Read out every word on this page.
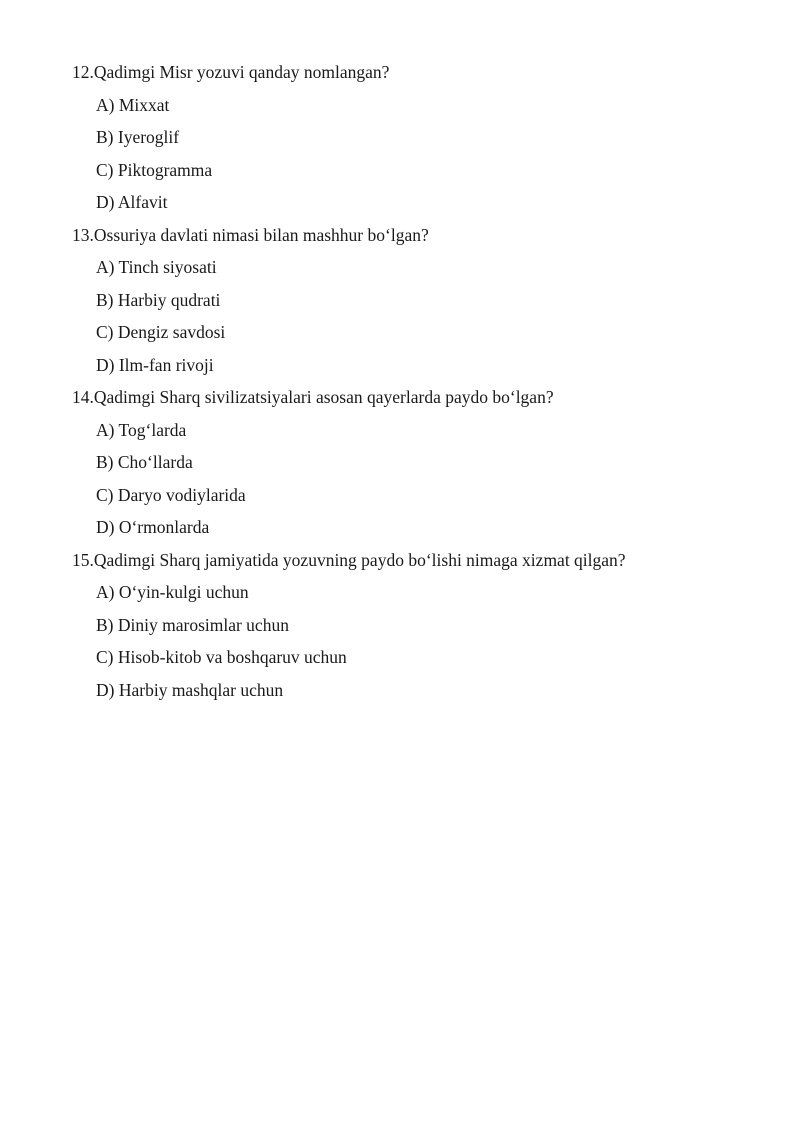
12.Qadimgi Misr yozuvi qanday nomlangan?
A) Mixxat
B) Iyeroglif
C) Piktogramma
D) Alfavit
13.Ossuriya davlati nimasi bilan mashhur bo‘lgan?
A) Tinch siyosati
B) Harbiy qudrati
C) Dengiz savdosi
D) Ilm-fan rivoji
14.Qadimgi Sharq sivilizatsiyalari asosan qayerlarda paydo bo‘lgan?
A) Tog‘larda
B) Cho‘llarda
C) Daryo vodiylarida
D) O‘rmonlarda
15.Qadimgi Sharq jamiyatida yozuvning paydo bo‘lishi nimaga xizmat qilgan?
A) O‘yin-kulgi uchun
B) Diniy marosimlar uchun
C) Hisob-kitob va boshqaruv uchun
D) Harbiy mashqlar uchun
